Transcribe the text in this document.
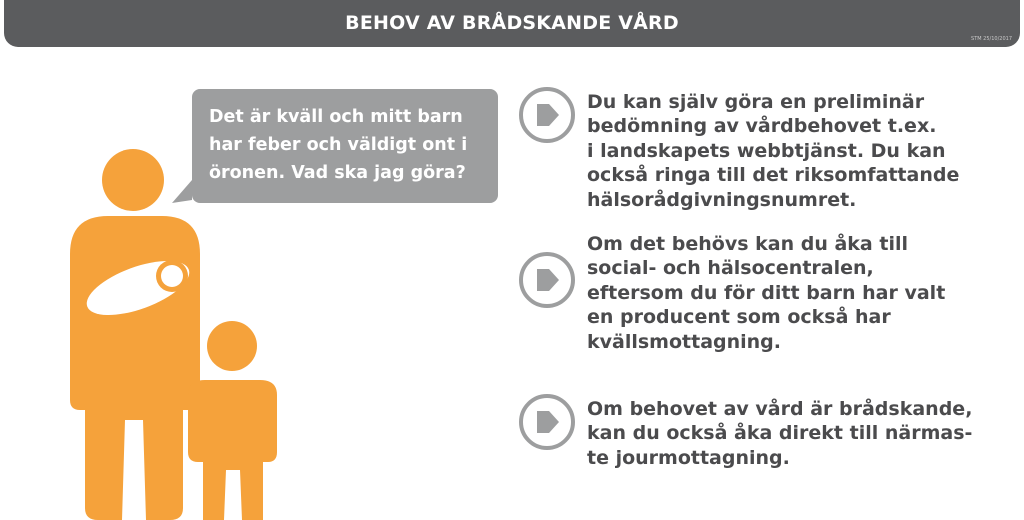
BEHOV AV BRÅDSKANDE VÅRD
STM 25/10/2017
Det är kväll och mitt barn
har feber och väldigt ont i
öronen. Vad ska jag göra?
Du kan själv göra en preliminär
bedömning av vårdbehovet t.ex.
i landskapets webbtjänst. Du kan
också ringa till det riksomfattande
hälsorådgivningsnumret.
Om det behövs kan du åka till
social- och hälsocentralen,
eftersom du för ditt barn har valt
en producent som också har
kvällsmottagning.
Om behovet av vård är brådskande,
kan du också åka direkt till närmas-
te jourmottagning.
